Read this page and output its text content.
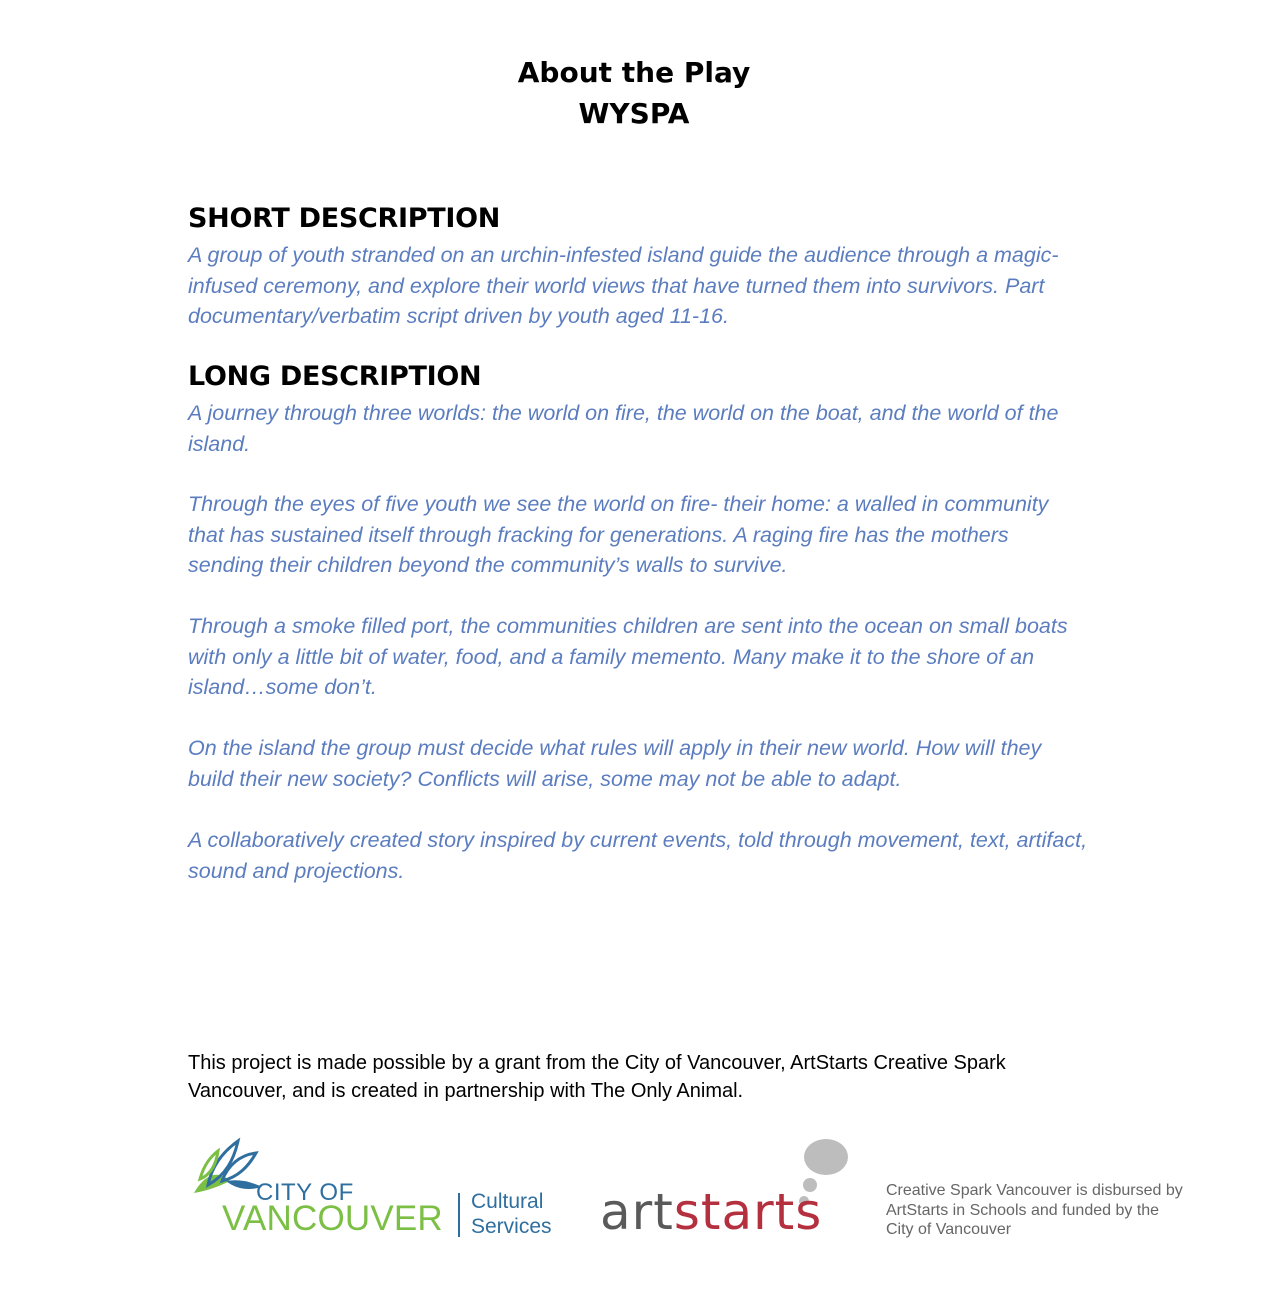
About the Play
WYSPA
SHORT DESCRIPTION

A group of youth stranded on an urchin-infested island guide the audience through a magic-infused ceremony, and explore their world views that have turned them into survivors. Part documentary/verbatim script driven by youth aged 11-16.

LONG DESCRIPTION

A journey through three worlds: the world on fire, the world on the boat, and the world of the island.

Through the eyes of five youth we see the world on fire- their home: a walled in community that has sustained itself through fracking for generations. A raging fire has the mothers sending their children beyond the community’s walls to survive.

Through a smoke filled port, the communities children are sent into the ocean on small boats with only a little bit of water, food, and a family memento. Many make it to the shore of an island…some don’t.

On the island the group must decide what rules will apply in their new world. How will they build their new society? Conflicts will arise, some may not be able to adapt.

A collaboratively created story inspired by current events, told through movement, text, artifact, sound and projections.

This project is made possible by a grant from the City of Vancouver, ArtStarts Creative Spark Vancouver, and is created in partnership with The Only Animal.

CITY OF
VANCOUVER Cultural
Services artstarts	Creative Spark Vancouver is disbursed by ArtStarts in Schools and funded by the City of Vancouver
